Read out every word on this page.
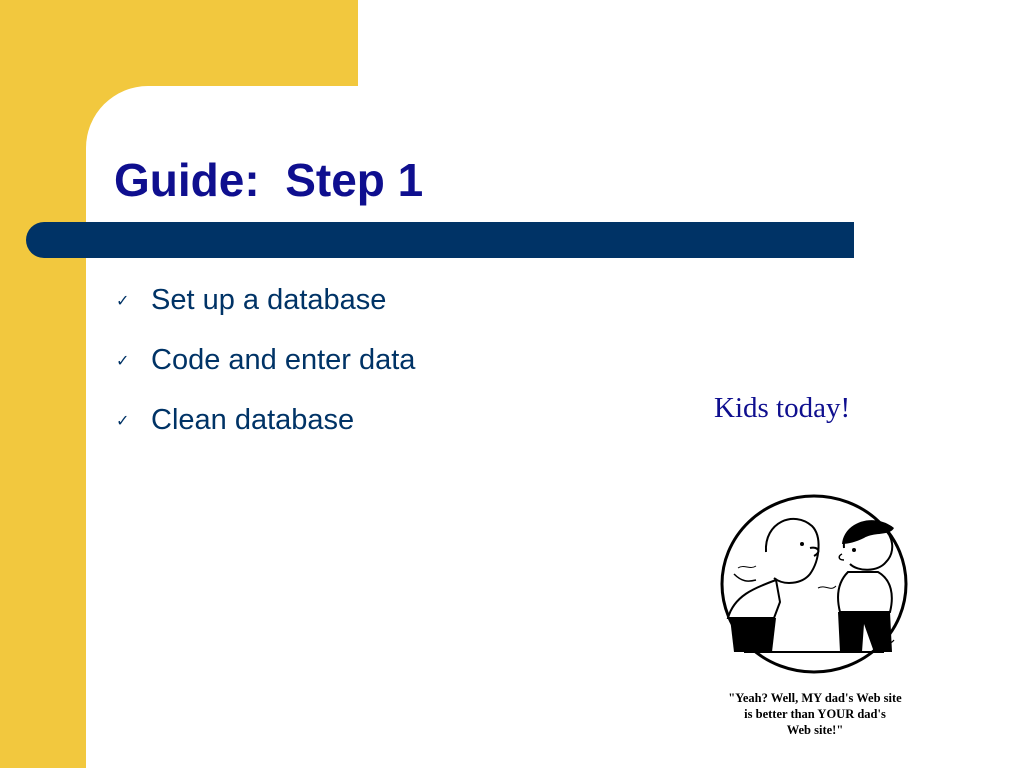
Guide:  Step 1
✓ Set up a database
✓ Code and enter data
✓ Clean database	Kids today!
4-7
"Yeah? Well, MY dad's Web site
is better than YOUR dad's
Web site!"
